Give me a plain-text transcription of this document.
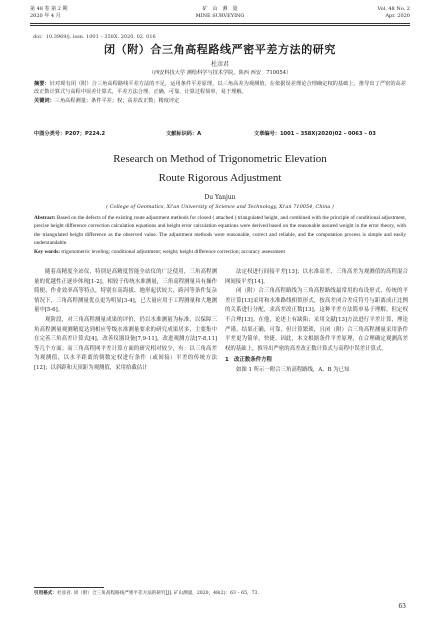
第 48 卷 第 2 期
2020 年 4 月
矿　山　测　量
MINE SURVEYING
Vol. 48 No. 2
Apr. 2020
doi：10.3969/j. issn. 1001 – 358X. 2020. 02. 016
闭（附）合三角高程路线严密平差方法的研究
杜彦君
（西安科技大学 测绘科学与技术学院，陕西 西安　710054）
摘要：针对现有闭（附）合三角高程路线平差方法的不足，运用条件平差原理，以三角高差为观测值，在依据误差理论合理确定权的基础上，推导出了严密的高差改正数计算式与高程中误差计算式，平差方法合理、正确，可靠，计算过程简单，易于理解。
关键词：三角高程测量；条件平差；权；高差改正数；精度评定
中图分类号：P207；P224.2	文献标识码：A	文章编号：1001 – 358X(2020)02 – 0063 – 03
Research on Method of Trigonometric Elevation
Route Rigorous Adjustment
Du Yanjun
( College of Geomatics, Xi'an University of Science and Technology, Xi'an 710054, China )
Abstract: Based on the defects of the existing route adjustment methods for closed ( attached ) triangulated height, and combined with the principle of conditional adjustment, precise height difference correction calculation equations and height error calculation equations were derived based on the reasonable assured weight in the error theory, with the triangulated height difference as the observed value. The adjustment methods were reasonable, correct and reliable, and the computation process is simple and easily understandable.
Key words: trigonometric leveling; conditional adjustment; weight; height difference correction; accuracy assessment

随着高精度全站仪，特别是高精度智能全站仪的广泛使用，三角高程测量的优越性正逐步体现[1-2]。相较于传统水准测量，三角高程测量具有操作简便、作业效率高等特点，特别在高海拔、地形起伏较大、跨河等条件复杂情况下，三角高程测量优点更为明显[3-4]，已大量应用于工程测量和大地测量中[5-6]。

观阶段，对三角高程测量成果的评价，仍以水准测量为标准，以保障三角高程测量观测精度达到相应等级水准测量要求的研究成果居多，主要集中在完善三角高差计算式[4]，改善仪器设备[7,9-11]，改进观测方法[7-8,11]等几个方面；而三角高程网平差计算方面的研究相对较少，有：以三角高差为观测值，以水平距离的倒数定权进行条件（或间接）平差的传统方法[12]；以斜距和天顶距为观测值，采用拾截估计

法定权进行间接平差[13]；以水准高差、三角高差为观测值的高程混合网间接平差[14]。

闭（附）合三角高程路线为三角高程路线最常用的布设形式，传统的平差计算[13]采用和水准路线相似形式，按高差闭合差反符号与距离成正比例的关系进行分配，求高差改正数[13]，这种平差方法简单易于理解，但定权不合理[13]。在他，论述上有缺陷；采用文献[13]方法进行平差计算，理论严谨，结果正确，可靠，但计算繁琐，且闭（附）合三角高程测量采用条件平差更为简单，快捷。因此，本文根据条件平差原理，在合理确定观测高差权的基础上，推导出严密的高差改正数计算式与高程中误差计算式。

1　改正数条件方程

如图 1 所示一附合三角高程路线，A、B 为已知

引用格式：杜彦君. 闭（附）合三角高程路线严密平差方法的研究[J]. 矿山测量，2020，48(2)：63 – 65，73.
63
